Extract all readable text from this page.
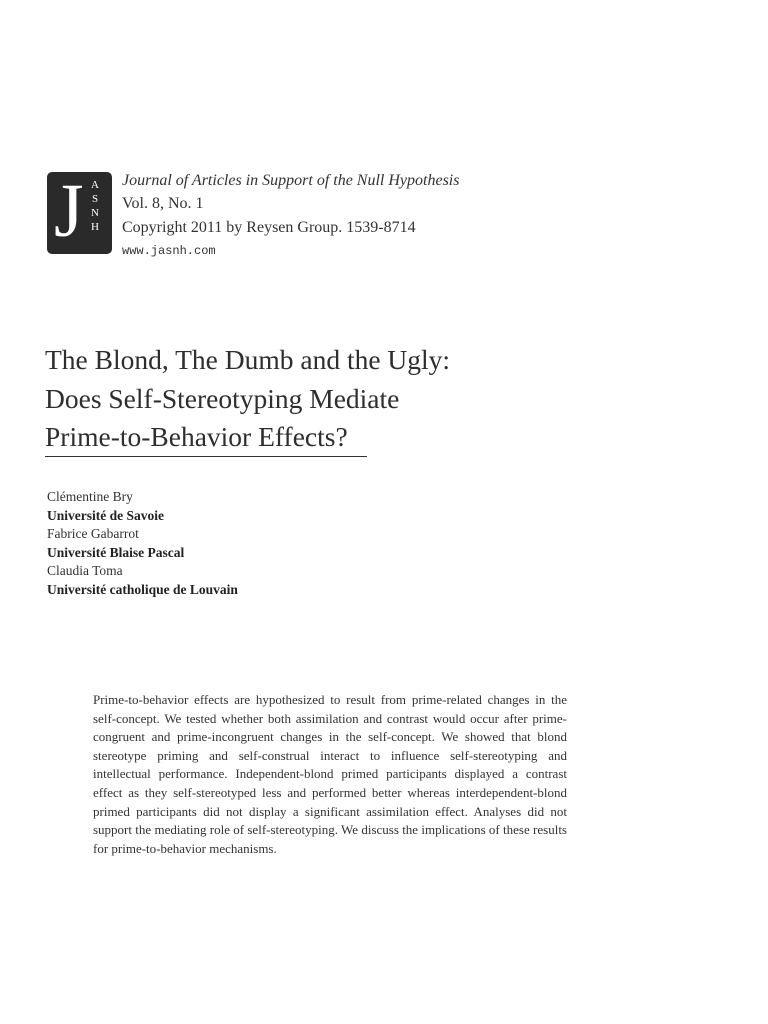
J A
S
N
H
Journal of Articles in Support of the Null Hypothesis
Vol. 8, No. 1
Copyright 2011 by Reysen Group. 1539-8714
www.jasnh.com
The Blond, The Dumb and the Ugly:
Does Self-Stereotyping Mediate
Prime-to-Behavior Effects?
Clémentine Bry
Université de Savoie
Fabrice Gabarrot
Université Blaise Pascal
Claudia Toma
Université catholique de Louvain

Prime-to-behavior effects are hypothesized to result from prime-related changes in the self-concept. We tested whether both assimilation and contrast would occur after prime-congruent and prime-incongruent changes in the self-concept. We showed that blond stereotype priming and self-construal interact to influence self-stereotyping and intellectual performance. Independent-blond primed participants displayed a contrast effect as they self-stereotyped less and performed better whereas interdependent-blond primed participants did not display a significant assimilation effect. Analyses did not support the mediating role of self-stereotyping. We discuss the implications of these results for prime-to-behavior mechanisms.
